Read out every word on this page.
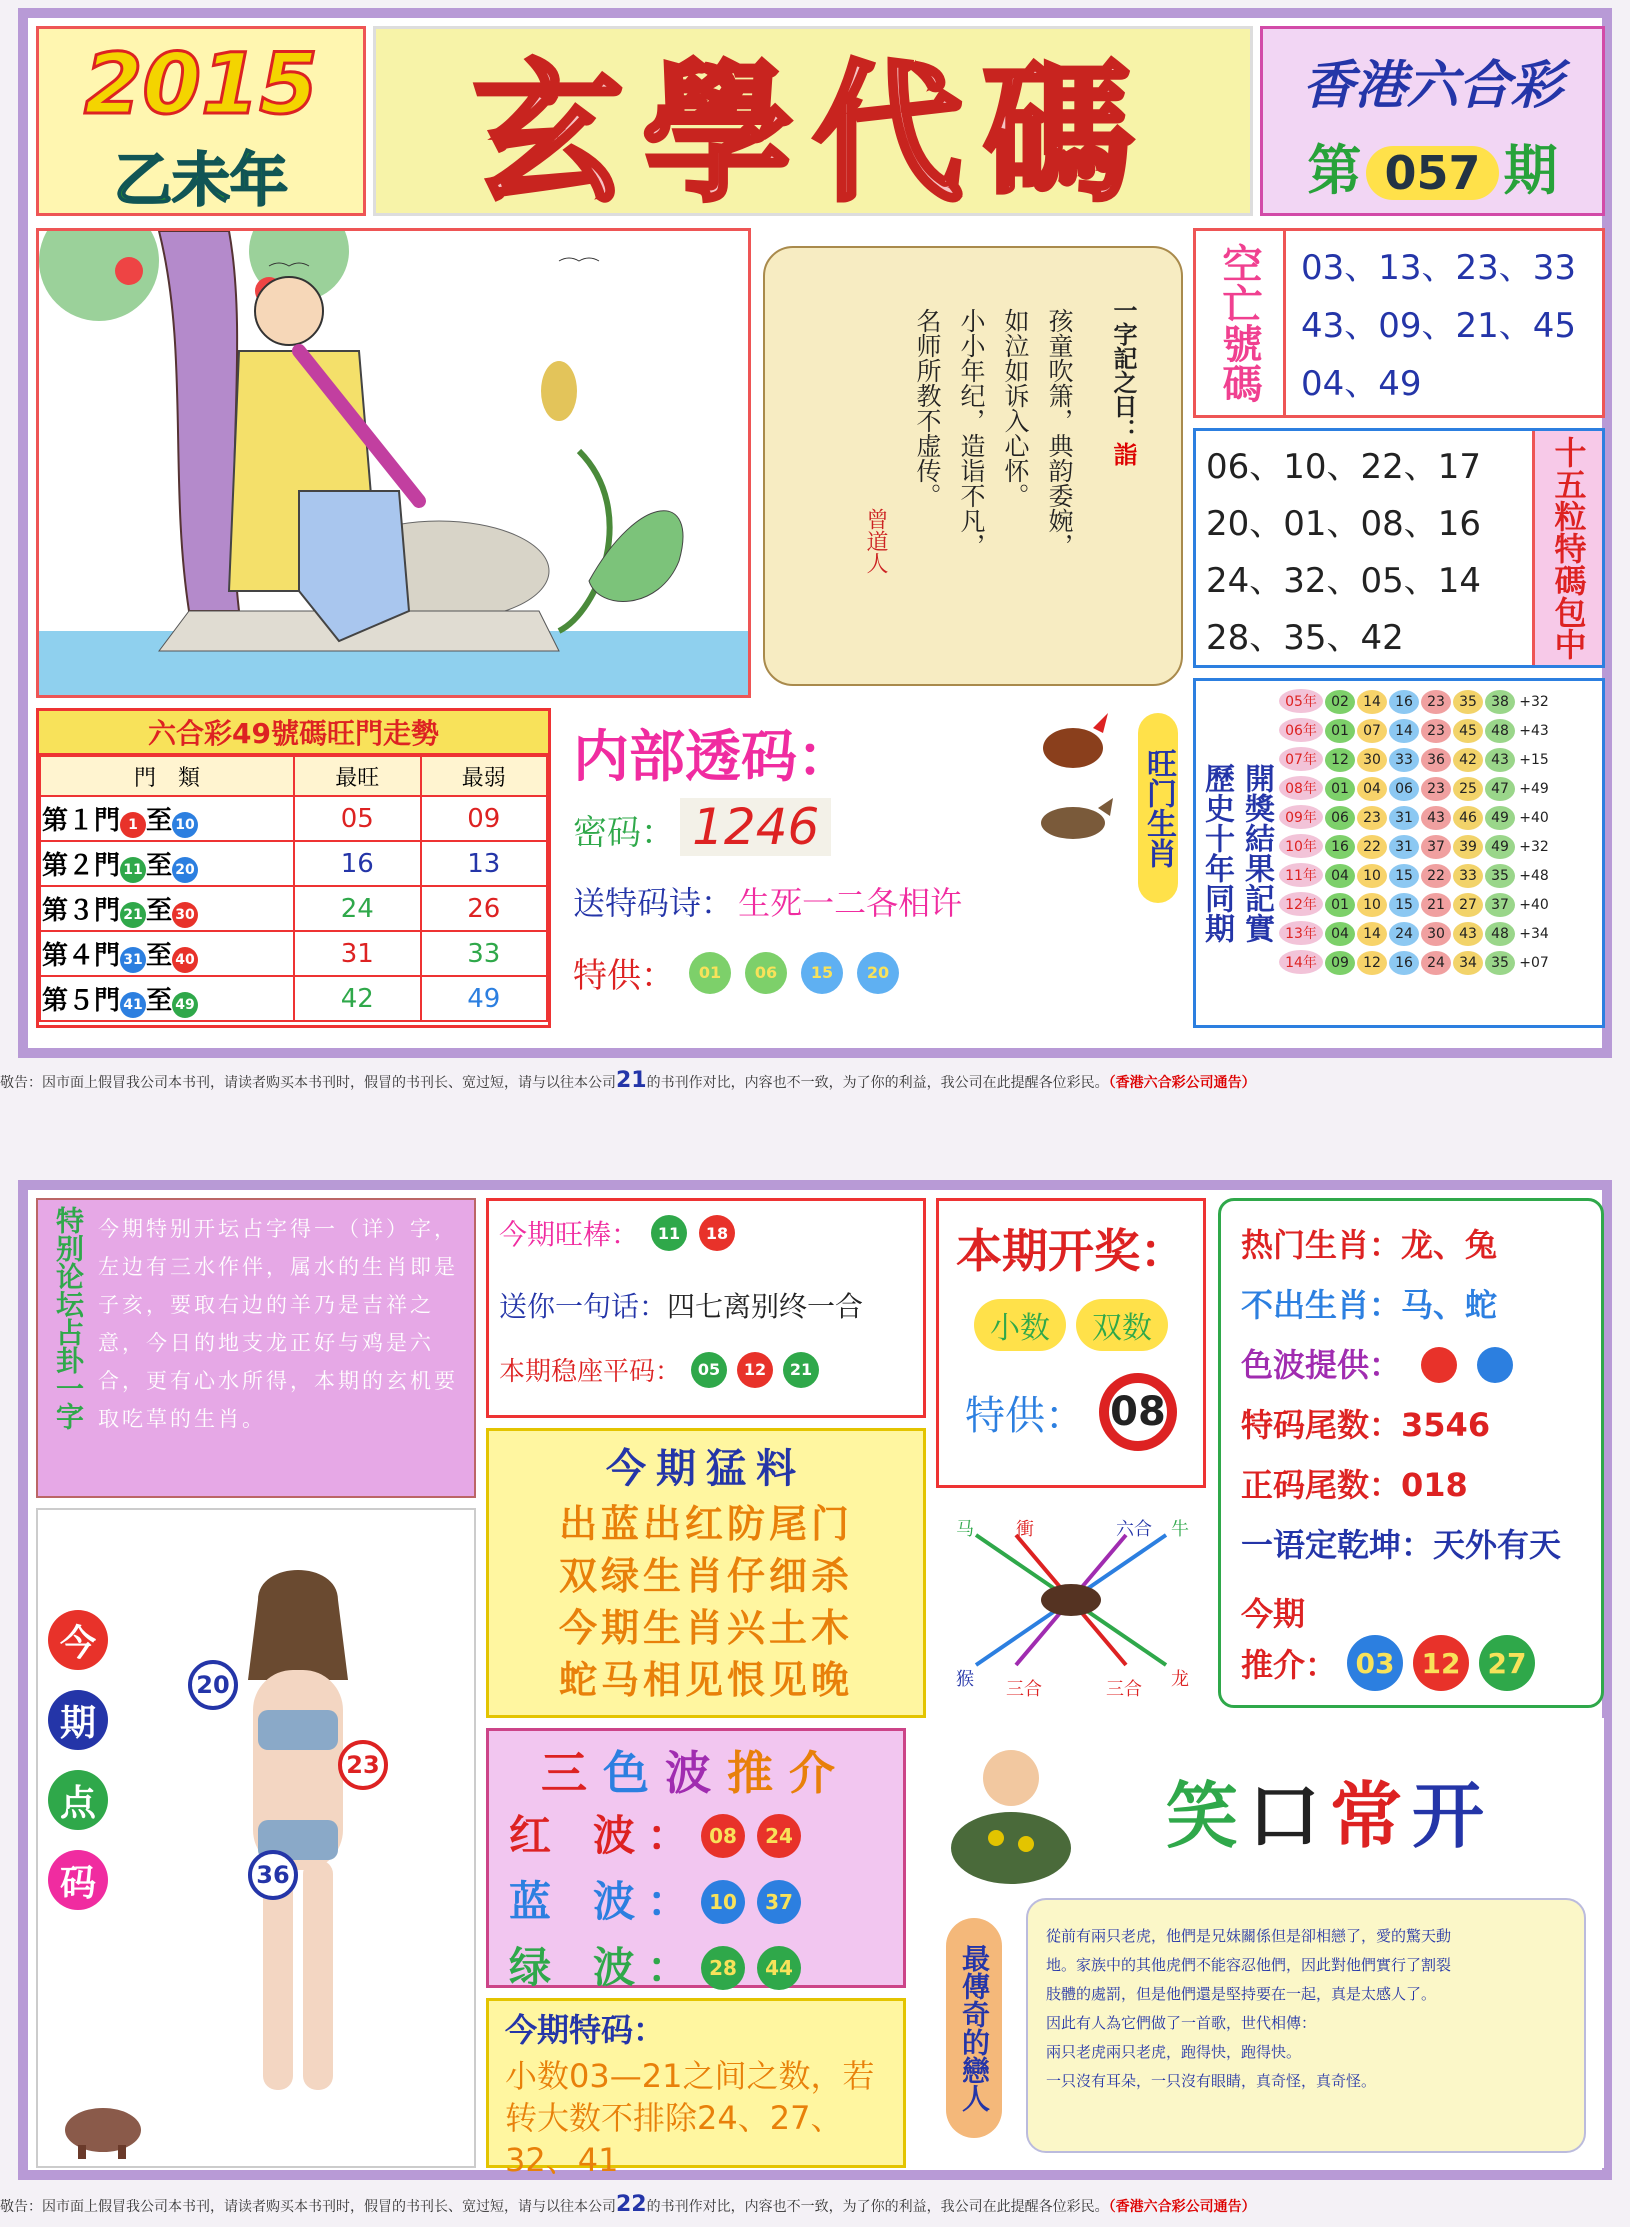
2015
乙未年	玄學代碼	香港六合彩
第 057 期
一字記之日：詣
孩童吹箫，典韵委婉，
如泣如诉入心怀。
小小年纪，造诣不凡，
名师所教不虚传。
曾道人
空亡號碼	03、13、23、33
43、09、21、45
04、49
06、10、22、17
20、01、08、16
24、32、05、14
28、35、42	十五粒特碼包中
六合彩49號碼旺門走勢
門　類	最旺	最弱
第１門 1 至 10	05	09
第２門 11 至 20	16	13
第３門 21 至 30	24	26
第４門 31 至 40	31	33
第５門 41 至 49	42	49
内部透码：
密码： 1246
送特码诗： 生死一二各相许
特供：	01	06	15	20
旺门生肖 開獎結果記實
歷史十年同期
05年 02 14 16 23 35 38 +32
06年 01 07 14 23 45 48 +43
07年 12 30 33 36 42 43 +15
08年 01 04 06 23 25 47 +49
09年 06 23 31 43 46 49 +40
10年 16 22 31 37 39 49 +32
11年 04 10 15 22 33 35 +48
12年 01 10 15 21 27 37 +40
13年 04 14 24 30 43 48 +34
14年 09 12 16 24 34 35 +07
敬告：因市面上假冒我公司本书刊，请读者购买本书刊时，假冒的书刊长、宽过短，请与以往本公司21的书刊作对比，内容也不一致，为了你的利益，我公司在此提醒各位彩民。（香港六合彩公司通告）
特别论坛占卦一字 今期特别开坛占字得一（详）字，左边有三水作伴，属水的生肖即是子亥，要取右边的羊乃是吉祥之意，今日的地支龙正好与鸡是六合，更有心水所得，本期的玄机要取吃草的生肖。
今期旺棒：	11	18
送你一句话：四七离别终一合
本期稳座平码：	05	12	21
本期开奖：
小数	双数
特供： 08
热门生肖：龙、兔
不出生肖：马、蛇
色波提供：
特码尾数：3546
正码尾数：018
一语定乾坤：天外有天
今期
推介： 03 12 27
今期猛料
出蓝出红防尾门
双绿生肖仔细杀
今期生肖兴土木
蛇马相见恨见晚
马 衝	六合 牛
猴 三合	三合 龙
今
期
点
码
20
23
36
三色波推介
红　波 ：	08	24
蓝　波 ：	10	37
绿　波 ：	28	44
今期特码：
小数03—21之间之数，若转大数不排除24、27、32、41
笑口常开
最傳奇的戀人
從前有兩只老虎，他們是兄妹關係但是卻相戀了，愛的驚天動
地。家族中的其他虎們不能容忍他們，因此對他們實行了割裂
肢體的處罰，但是他們還是堅持要在一起，真是太感人了。
因此有人為它們做了一首歌，世代相傳：
兩只老虎兩只老虎，跑得快，跑得快。
一只沒有耳朵，一只沒有眼睛，真奇怪，真奇怪。
敬告：因市面上假冒我公司本书刊，请读者购买本书刊时，假冒的书刊长、宽过短，请与以往本公司22的书刊作对比，内容也不一致，为了你的利益，我公司在此提醒各位彩民。（香港六合彩公司通告）
